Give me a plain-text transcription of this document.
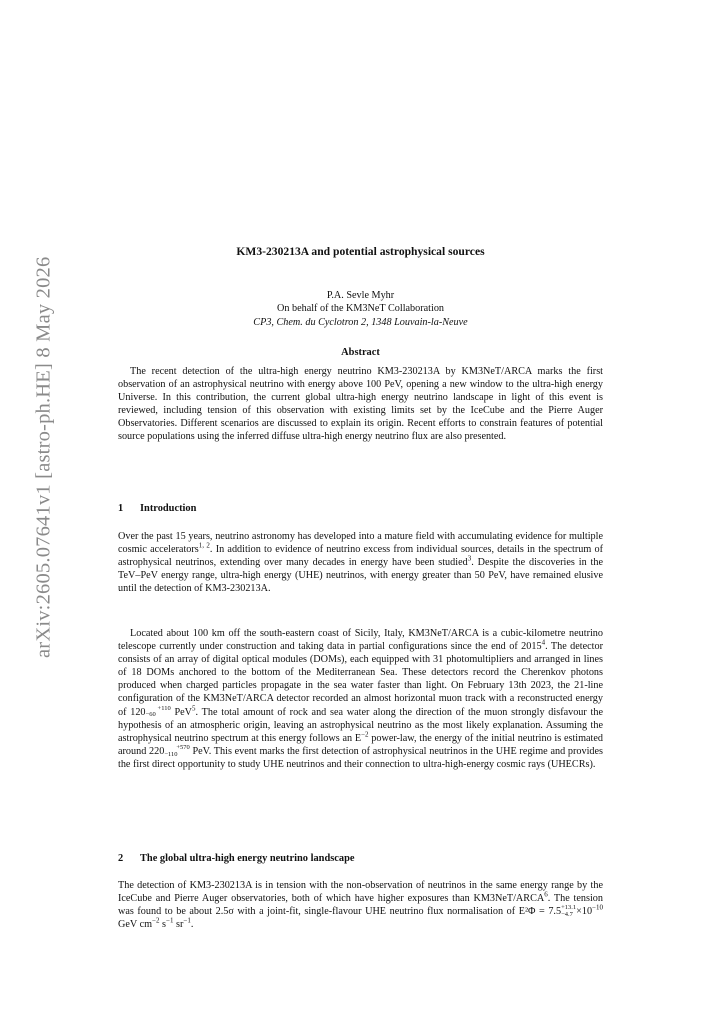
arXiv:2605.07641v1 [astro-ph.HE] 8 May 2026
KM3-230213A and potential astrophysical sources
P.A. Sevle Myhr
On behalf of the KM3NeT Collaboration
CP3, Chem. du Cyclotron 2, 1348 Louvain-la-Neuve
Abstract

The recent detection of the ultra-high energy neutrino KM3-230213A by KM3NeT/ARCA marks the first observation of an astrophysical neutrino with energy above 100 PeV, opening a new window to the ultra-high energy Universe. In this contribution, the current global ultra-high energy neutrino landscape in light of this event is reviewed, including tension of this observation with existing limits set by the IceCube and the Pierre Auger Observatories. Different scenarios are discussed to explain its origin. Recent efforts to constrain features of potential source populations using the inferred diffuse ultra-high energy neutrino flux are also presented.

1 Introduction

Over the past 15 years, neutrino astronomy has developed into a mature field with accumulating evidence for multiple cosmic accelerators$^{1, 2}$. In addition to evidence of neutrino excess from individual sources, details in the spectrum of astrophysical neutrinos, extending over many decades in energy have been studied$^3$. Despite the discoveries in the TeV–PeV energy range, ultra-high energy (UHE) neutrinos, with energy greater than 50 PeV, have remained elusive until the detection of KM3-230213A.

Located about 100 km off the south-eastern coast of Sicily, Italy, KM3NeT/ARCA is a cubic-kilometre neutrino telescope currently under construction and taking data in partial configurations since the end of 2015$^4$. The detector consists of an array of digital optical modules (DOMs), each equipped with 31 photomultipliers and arranged in lines of 18 DOMs anchored to the bottom of the Mediterranean Sea. These detectors record the Cherenkov photons produced when charged particles propagate in the sea water faster than light. On February 13th 2023, the 21-line configuration of the KM3NeT/ARCA detector recorded an almost horizontal muon track with a reconstructed energy of 120 +110
−60 PeV$^5$. The total amount of rock and sea water along the direction of the muon strongly disfavour the hypothesis of an atmospheric origin, leaving an astrophysical neutrino as the most likely explanation. Assuming the astrophysical neutrino spectrum at this energy follows an $E^{-2}$ power-law, the energy of the initial neutrino is estimated around 220 +570
−110 PeV. This event marks the first detection of astrophysical neutrinos in the UHE regime and provides the first direct opportunity to study UHE neutrinos and their connection to ultra-high-energy cosmic rays (UHECRs).

2 The global ultra-high energy neutrino landscape

The detection of KM3-230213A is in tension with the non-observation of neutrinos in the same energy range by the IceCube and Pierre Auger observatories, both of which have higher exposures than KM3NeT/ARCA$^6$. The tension was found to be about 2.5σ with a joint-fit, single-flavour UHE neutrino flux normalisation of E²Φ = 7.5+13.1
$-4.7 \times 10^{-10}$ GeV $cm^{-2}$ $s^{-1}$ $sr^{-1}$.
